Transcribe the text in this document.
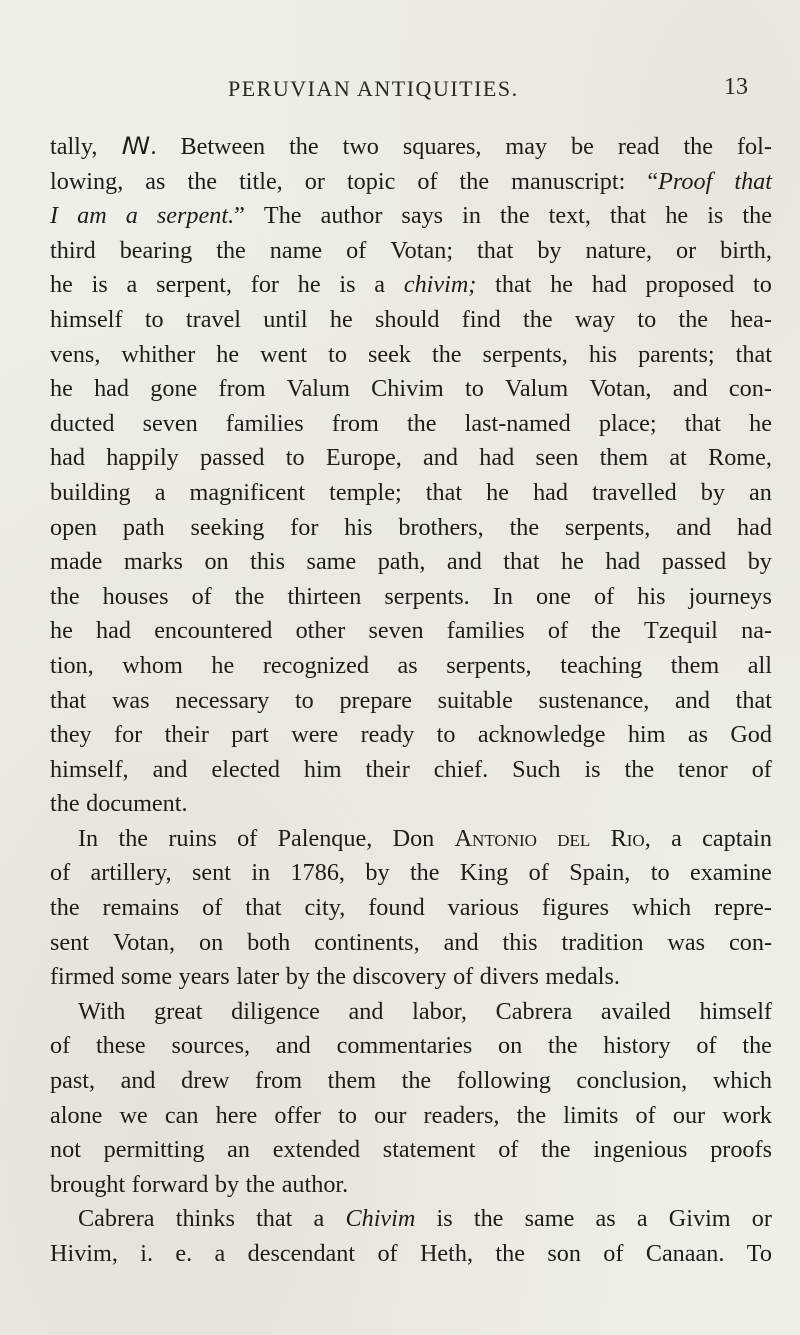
PERUVIAN ANTIQUITIES.	13
tally, ꟿ. Between the two squares, may be read the fol-
lowing, as the title, or topic of the manuscript: “Proof that
I am a serpent.” The author says in the text, that he is the
third bearing the name of Votan; that by nature, or birth,
he is a serpent, for he is a chivim; that he had proposed to
himself to travel until he should find the way to the hea-
vens, whither he went to seek the serpents, his parents; that
he had gone from Valum Chivim to Valum Votan, and con-
ducted seven families from the last-named place; that he
had happily passed to Europe, and had seen them at Rome,
building a magnificent temple; that he had travelled by an
open path seeking for his brothers, the serpents, and had
made marks on this same path, and that he had passed by
the houses of the thirteen serpents. In one of his journeys
he had encountered other seven families of the Tzequil na-
tion, whom he recognized as serpents, teaching them all
that was necessary to prepare suitable sustenance, and that
they for their part were ready to acknowledge him as God
himself, and elected him their chief. Such is the tenor of
the document.
In the ruins of Palenque, Don Antonio del Rio, a captain
of artillery, sent in 1786, by the King of Spain, to examine
the remains of that city, found various figures which repre-
sent Votan, on both continents, and this tradition was con-
firmed some years later by the discovery of divers medals.
With great diligence and labor, Cabrera availed himself
of these sources, and commentaries on the history of the
past, and drew from them the following conclusion, which
alone we can here offer to our readers, the limits of our work
not permitting an extended statement of the ingenious proofs
brought forward by the author.
Cabrera thinks that a Chivim is the same as a Givim or
Hivim, i. e. a descendant of Heth, the son of Canaan. To
